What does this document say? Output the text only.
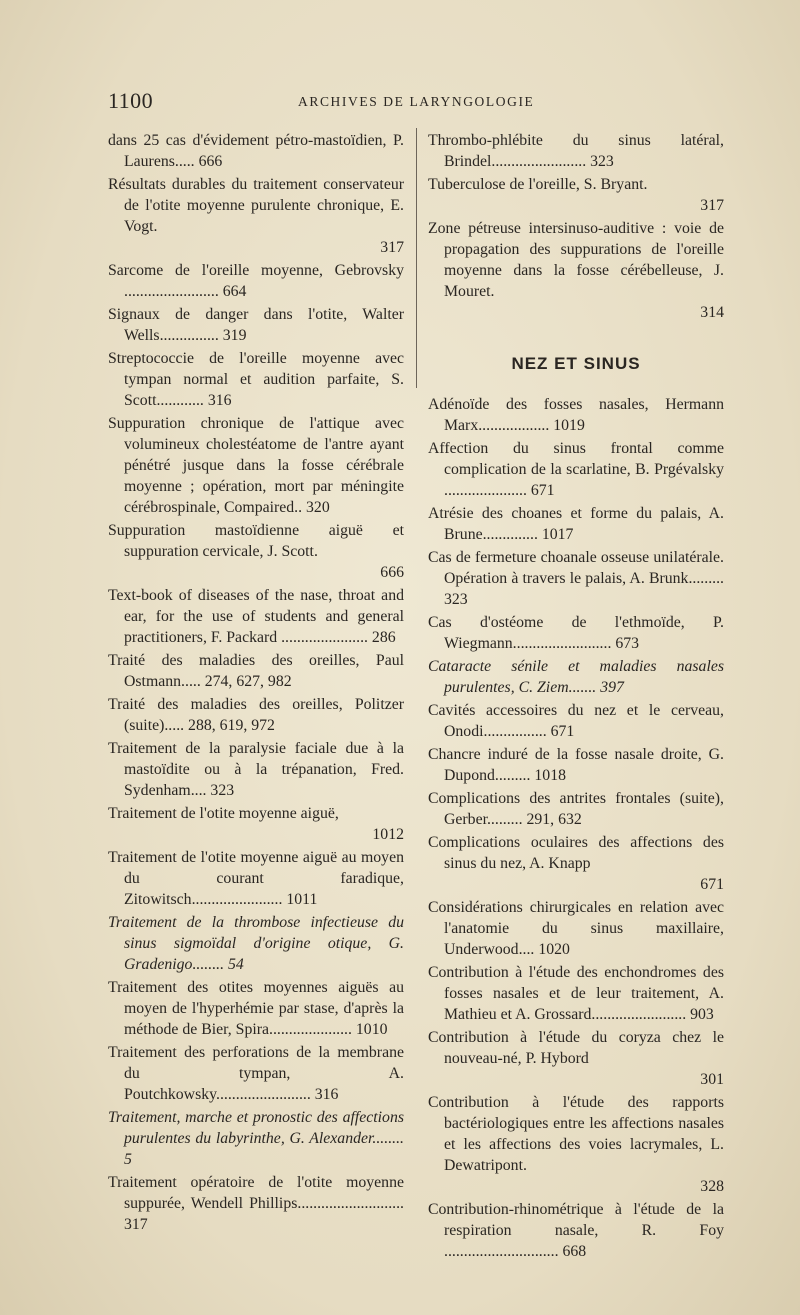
1100	ARCHIVES DE LARYNGOLOGIE

dans 25 cas d'évidement pétro-mastoïdien, P. Laurens..... 666

Résultats durables du traitement conservateur de l'otite moyenne purulente chronique, E. Vogt.
317

Sarcome de l'oreille moyenne, Gebrovsky ........................ 664

Signaux de danger dans l'otite, Walter Wells............... 319

Streptococcie de l'oreille moyenne avec tympan normal et audition parfaite, S. Scott............ 316

Suppuration chronique de l'attique avec volumineux cholestéatome de l'antre ayant pénétré jusque dans la fosse cérébrale moyenne ; opération, mort par méningite cérébrospinale, Compaired.. 320

Suppuration mastoïdienne aiguë et suppuration cervicale, J. Scott.
666

Text-book of diseases of the nase, throat and ear, for the use of students and general practitioners, F. Packard ...................... 286

Traité des maladies des oreilles, Paul Ostmann..... 274, 627, 982

Traité des maladies des oreilles, Politzer (suite)..... 288, 619, 972

Traitement de la paralysie faciale due à la mastoïdite ou à la trépanation, Fred. Sydenham.... 323

Traitement de l'otite moyenne aiguë,
1012

Traitement de l'otite moyenne aiguë au moyen du courant faradique, Zitowitsch....................... 1011

Traitement de la thrombose infectieuse du sinus sigmoïdal d'origine otique, G. Gradenigo........ 54

Traitement des otites moyennes aiguës au moyen de l'hyperhémie par stase, d'après la méthode de Bier, Spira..................... 1010

Traitement des perforations de la membrane du tympan, A. Poutchkowsky........................ 316

Traitement, marche et pronostic des affections purulentes du labyrinthe, G. Alexander........ 5

Traitement opératoire de l'otite moyenne suppurée, Wendell Phillips........................... 317

Thrombo-phlébite du sinus latéral, Brindel........................ 323

Tuberculose de l'oreille, S. Bryant.
317

Zone pétreuse intersinuso-auditive : voie de propagation des suppurations de l'oreille moyenne dans la fosse cérébelleuse, J. Mouret.
314

NEZ ET SINUS

Adénoïde des fosses nasales, Hermann Marx.................. 1019

Affection du sinus frontal comme complication de la scarlatine, B. Prgévalsky ..................... 671

Atrésie des choanes et forme du palais, A. Brune.............. 1017

Cas de fermeture choanale osseuse unilatérale. Opération à travers le palais, A. Brunk......... 323

Cas d'ostéome de l'ethmoïde, P. Wiegmann......................... 673

Cataracte sénile et maladies nasales purulentes, C. Ziem....... 397

Cavités accessoires du nez et le cerveau, Onodi................ 671

Chancre induré de la fosse nasale droite, G. Dupond......... 1018

Complications des antrites frontales (suite), Gerber......... 291, 632

Complications oculaires des affections des sinus du nez, A. Knapp
671

Considérations chirurgicales en relation avec l'anatomie du sinus maxillaire, Underwood.... 1020

Contribution à l'étude des enchondromes des fosses nasales et de leur traitement, A. Mathieu et A. Grossard........................ 903

Contribution à l'étude du coryza chez le nouveau-né, P. Hybord
301

Contribution à l'étude des rapports bactériologiques entre les affections nasales et les affections des voies lacrymales, L. Dewatripont.
328

Contribution-rhinométrique à l'étude de la respiration nasale, R. Foy ............................. 668
